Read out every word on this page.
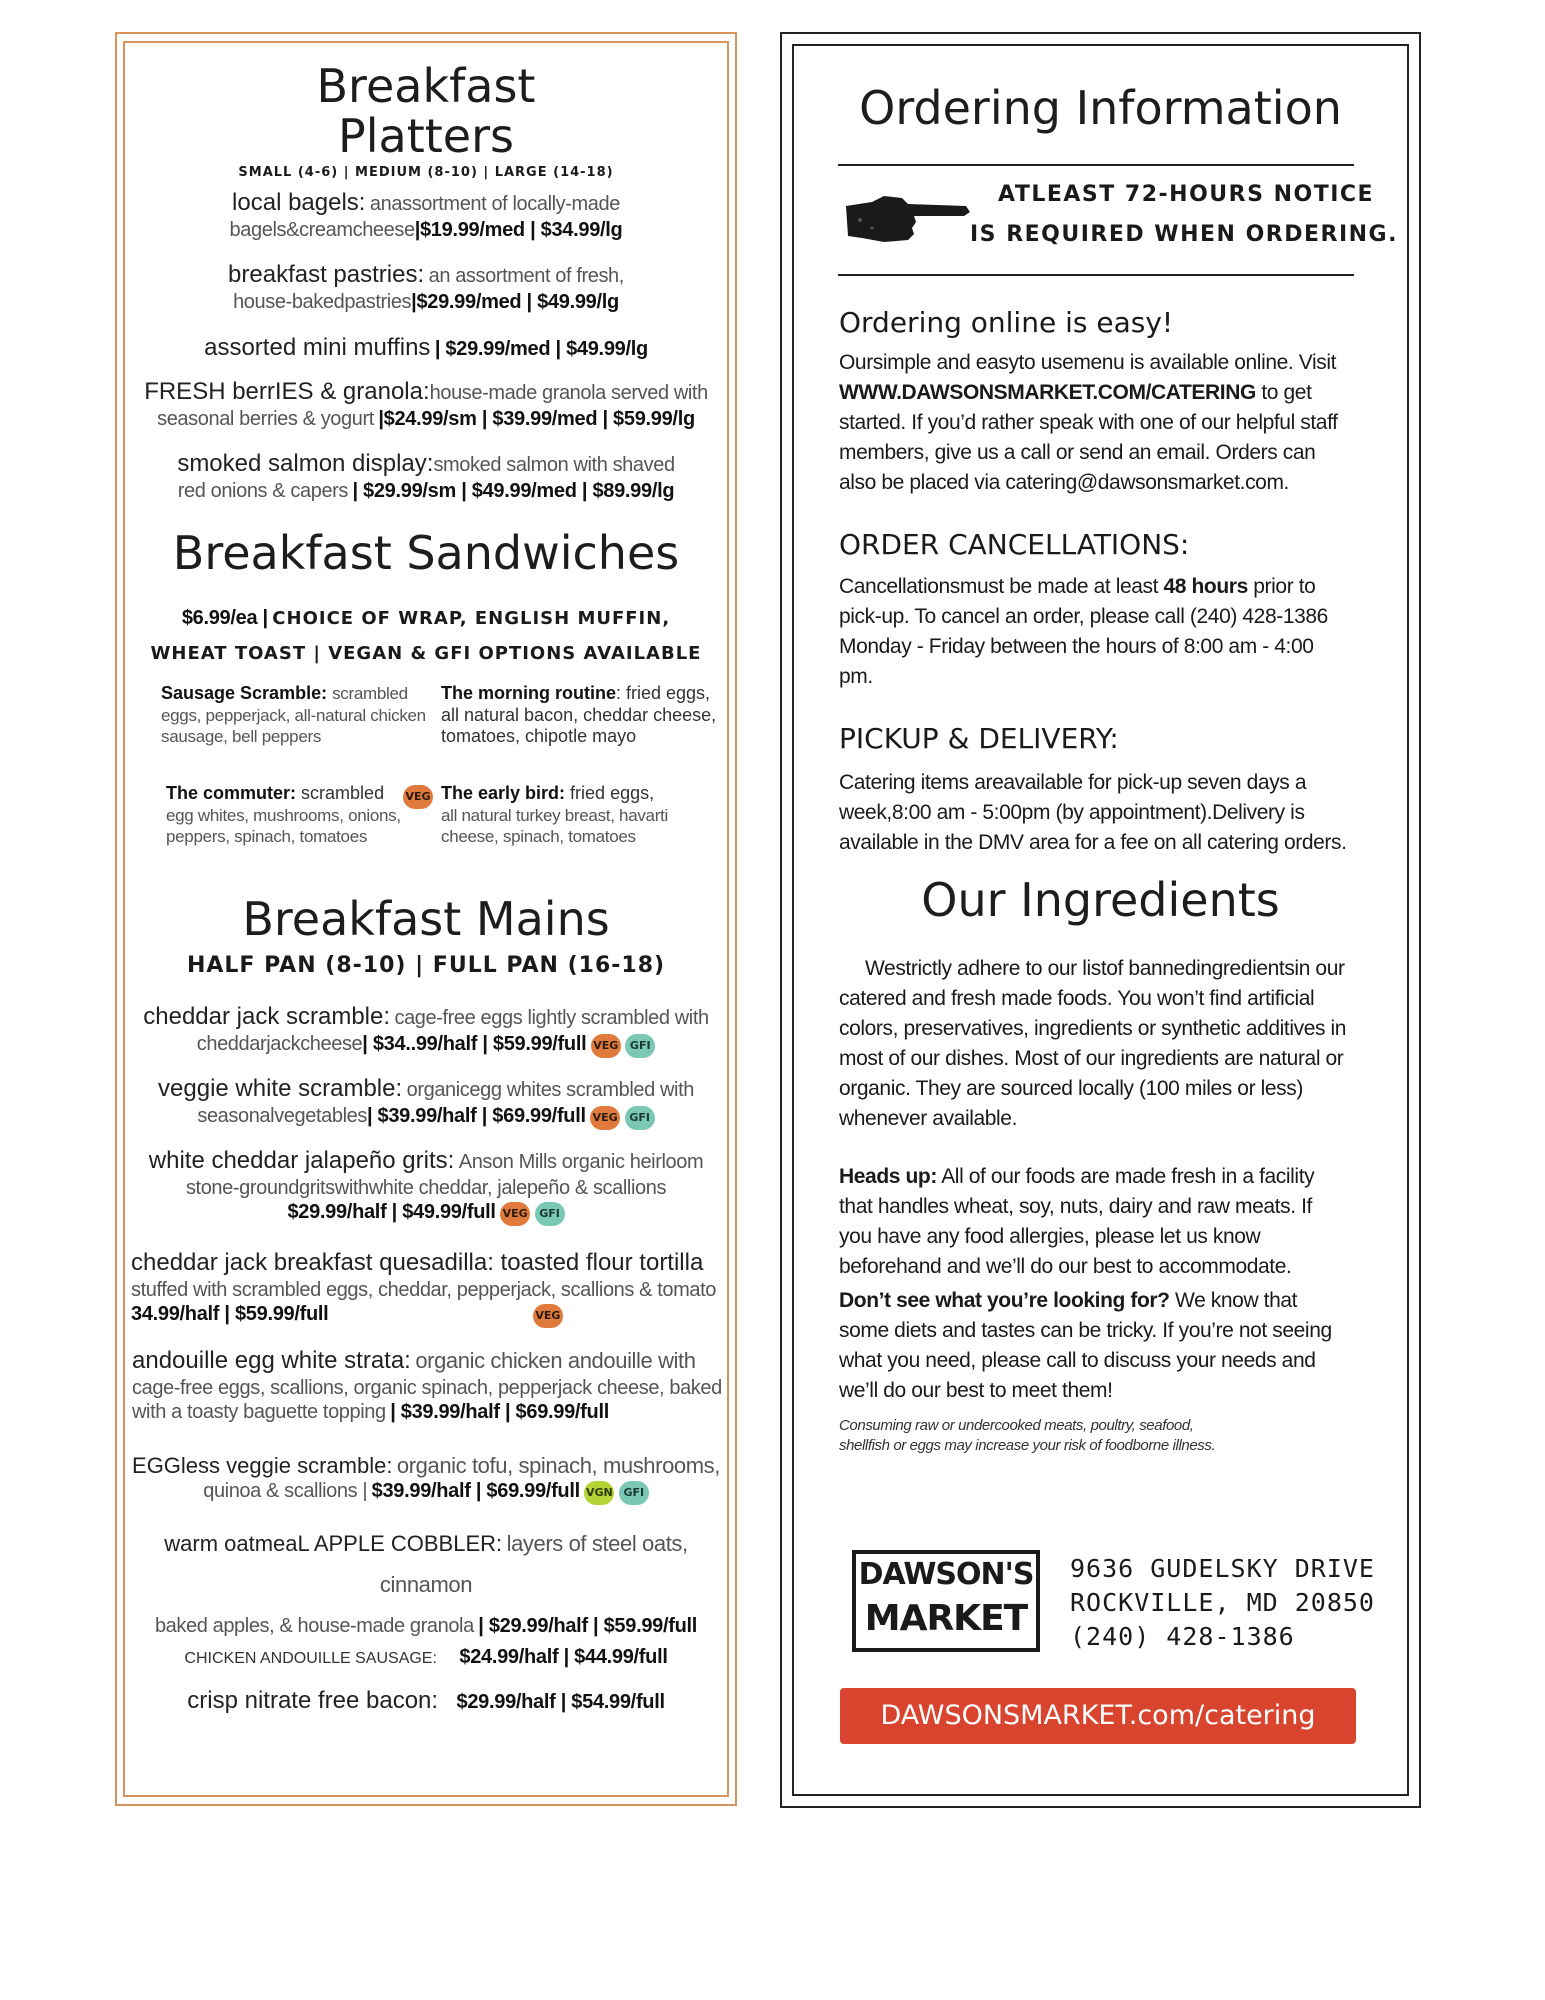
Breakfast
Platters
SMALL (4-6) | MEDIUM (8-10) | LARGE (14-18)
local bagels: anassortment of locally-made
bagels&creamcheese|$19.99/med | $34.99/lg
breakfast pastries: an assortment of fresh,
house-bakedpastries|$29.99/med | $49.99/lg
assorted mini muffins | $29.99/med | $49.99/lg
FRESH berrIES & granola:house-made granola served with
seasonal berries & yogurt |$24.99/sm | $39.99/med | $59.99/lg
smoked salmon display:smoked salmon with shaved
red onions & capers | $29.99/sm | $49.99/med | $89.99/lg
Breakfast Sandwiches
$6.99/ea | CHOICE OF WRAP, ENGLISH MUFFIN,
WHEAT TOAST | VEGAN & GFI OPTIONS AVAILABLE
Sausage Scramble: scrambled eggs, pepperjack, all-natural chicken sausage, bell peppers
The morning routine: fried eggs, all natural bacon, cheddar cheese, tomatoes, chipotle mayo
The commuter: scrambled
egg whites, mushrooms, onions, peppers, spinach, tomatoes
VEG The early bird: fried eggs,
all natural turkey breast, havarti cheese, spinach, tomatoes
Breakfast Mains
HALF PAN (8-10) | FULL PAN (16-18)
cheddar jack scramble: cage-free eggs lightly scrambled with
cheddarjackcheese| $34..99/half | $59.99/full VEG GFI
veggie white scramble: organicegg whites scrambled with
seasonalvegetables| $39.99/half | $69.99/full VEG GFI
white cheddar jalapeño grits: Anson Mills organic heirloom
stone-groundgritswithwhite cheddar, jalepeño & scallions
$29.99/half | $49.99/full VEG GFI
cheddar jack breakfast quesadilla: toasted flour tortilla
stuffed with scrambled eggs, cheddar, pepperjack, scallions & tomato
34.99/half | $59.99/full	VEG
andouille egg white strata: organic chicken andouille with
cage-free eggs, scallions, organic spinach, pepperjack cheese, baked
with a toasty baguette topping | $39.99/half | $69.99/full
EGGless veggie scramble: organic tofu, spinach, mushrooms,
quinoa & scallions | $39.99/half | $69.99/full VGN GFI
warm oatmeaL APPLE COBBLER: layers of steel oats, cinnamon
baked apples, & house-made granola | $29.99/half | $59.99/full
CHICKEN ANDOUILLE SAUSAGE: $24.99/half | $44.99/full
crisp nitrate free bacon: $29.99/half | $54.99/full
Ordering Information
ATLEAST 72-HOURS NOTICE
IS REQUIRED WHEN ORDERING.
Ordering online is easy!
Oursimple and easyto usemenu is available online. Visit WWW.DAWSONSMARKET.COM/CATERING to get started. If you’d rather speak with one of our helpful staff members, give us a call or send an email. Orders can also be placed via catering@dawsonsmarket.com.
ORDER CANCELLATIONS:
Cancellationsmust be made at least 48 hours prior to pick-up. To cancel an order, please call (240) 428-1386 Monday - Friday between the hours of 8:00 am - 4:00 pm.
PICKUP & DELIVERY:
Catering items areavailable for pick-up seven days a week,8:00 am - 5:00pm (by appointment).Delivery is available in the DMV area for a fee on all catering orders.
Our Ingredients
Westrictly adhere to our listof bannedingredientsin our catered and fresh made foods. You won’t find artificial colors, preservatives, ingredients or synthetic additives in most of our dishes. Most of our ingredients are natural or organic. They are sourced locally (100 miles or less) whenever available.
Heads up: All of our foods are made fresh in a facility that handles wheat, soy, nuts, dairy and raw meats. If you have any food allergies, please let us know beforehand and we’ll do our best to accommodate.
Don’t see what you’re looking for? We know that some diets and tastes can be tricky. If you’re not seeing what you need, please call to discuss your needs and we’ll do our best to meet them!
Consuming raw or undercooked meats, poultry, seafood, shellfish or eggs may increase your risk of foodborne illness.
DAWSON'S
MARKET
9636 GUDELSKY DRIVE
ROCKVILLE, MD 20850
(240) 428-1386
DAWSONSMARKET.com/catering
